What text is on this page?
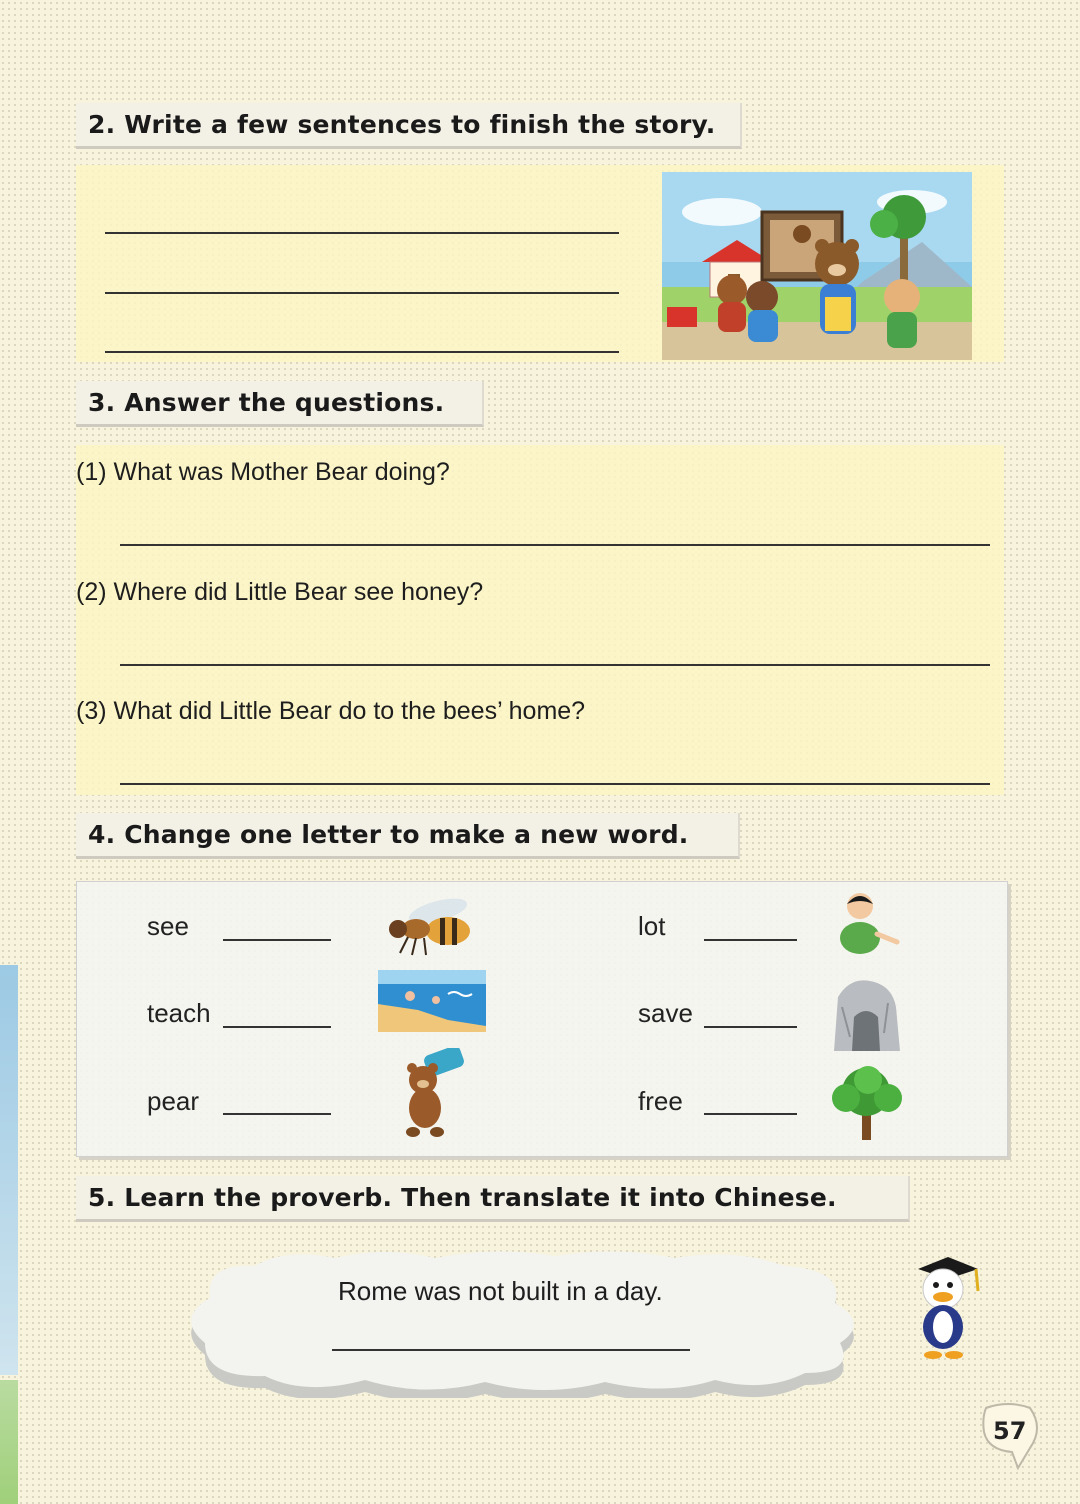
2. Write a few sentences to finish the story.
3. Answer the questions.
(1) What was Mother Bear doing?
(2) Where did Little Bear see honey?
(3) What did Little Bear do to the bees’ home?
4. Change one letter to make a new word.
see
teach
pear
lot
save
free
5. Learn the proverb. Then translate it into Chinese.
Rome was not built in a day.
57
